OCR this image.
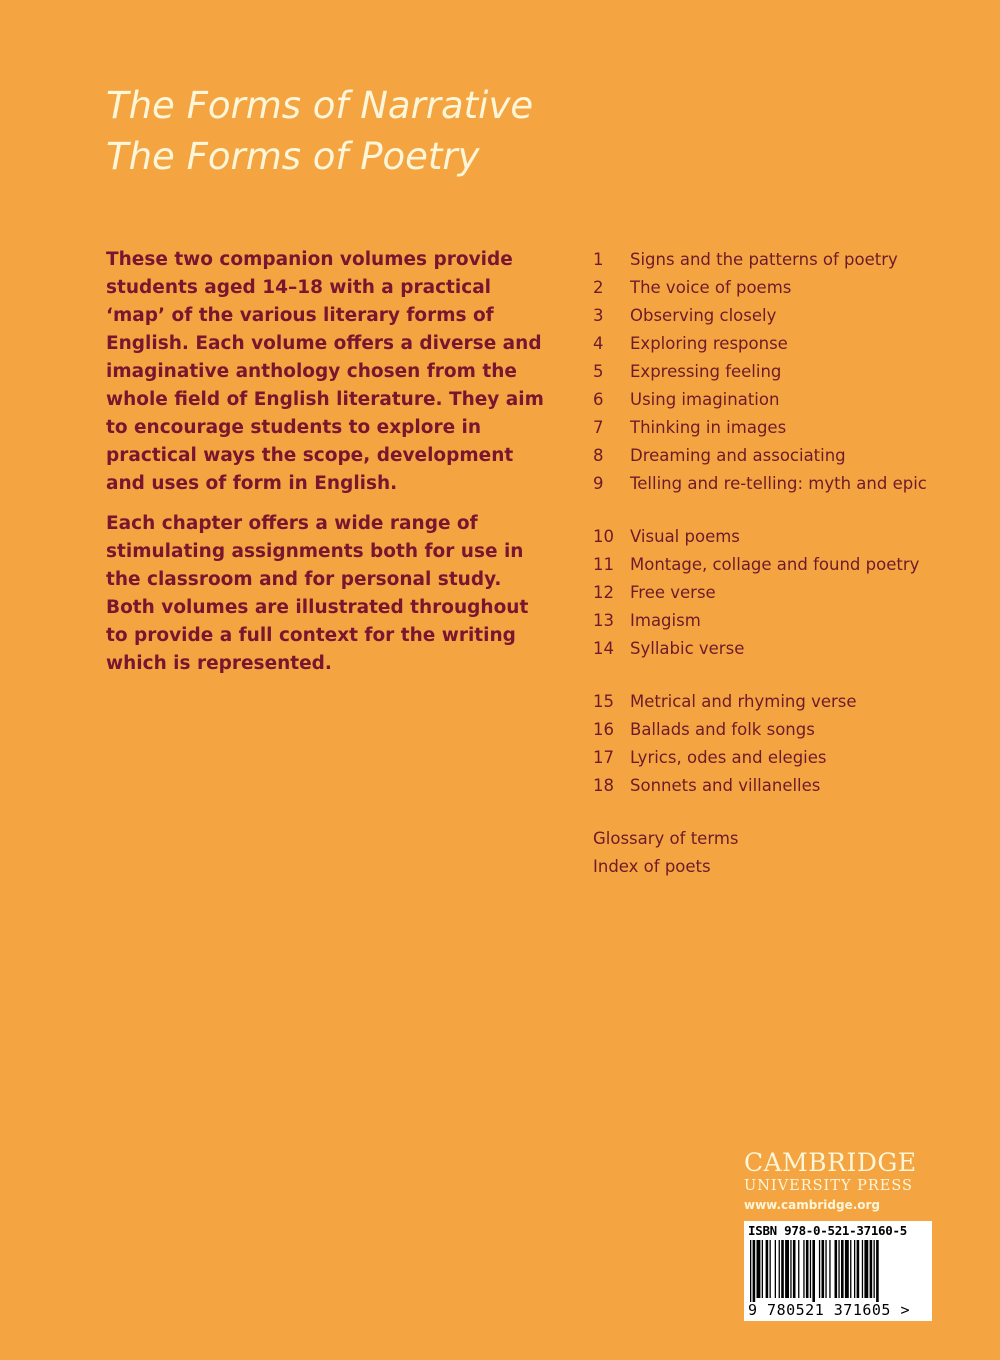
The Forms of Narrative
The Forms of Poetry

These two companion volumes provide students aged 14–18 with a practical ‘map’ of the various literary forms of English. Each volume offers a diverse and imaginative anthology chosen from the whole field of English literature. They aim to encourage students to explore in practical ways the scope, development and uses of form in English.

Each chapter offers a wide range of stimulating assignments both for use in the classroom and for personal study. Both volumes are illustrated throughout to provide a full context for the writing which is represented.

1	Signs and the patterns of poetry
2	The voice of poems
3	Observing closely
4	Exploring response
5	Expressing feeling
6	Using imagination
7	Thinking in images
8	Dreaming and associating
9	Telling and re-telling: myth and epic
10 Visual poems
11 Montage, collage and found poetry
12 Free verse
13 Imagism
14 Syllabic verse
15 Metrical and rhyming verse
16 Ballads and folk songs
17 Lyrics, odes and elegies
18 Sonnets and villanelles
Glossary of terms
Index of poets
CAMBRIDGE
UNIVERSITY PRESS
www.cambridge.org
ISBN 978-0-521-37160-5
9 780521 371605 >
